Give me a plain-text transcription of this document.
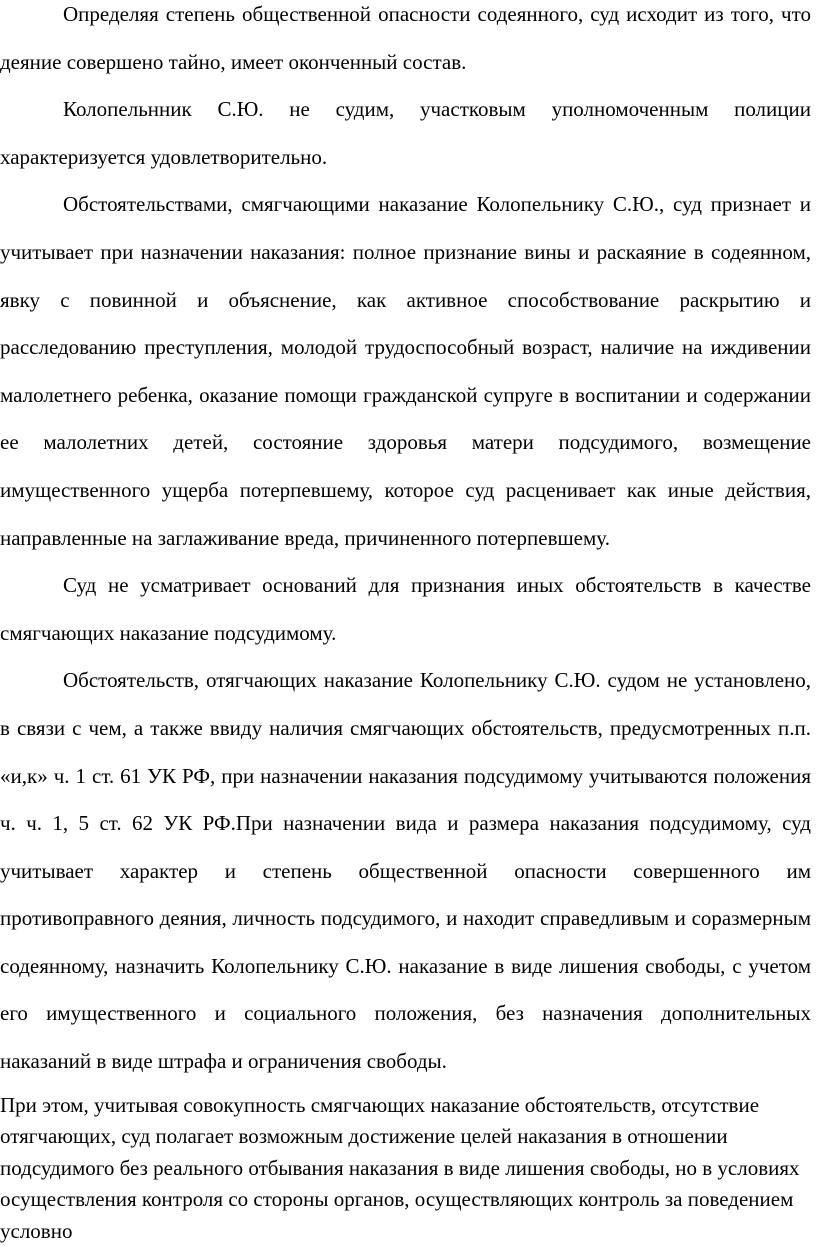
Определяя степень общественной опасности содеянного, суд исходит из того, что деяние совершено тайно, имеет оконченный состав.

Колопельнник С.Ю. не судим, участковым уполномоченным полиции характеризуется удовлетворительно.

Обстоятельствами, смягчающими наказание Колопельнику С.Ю., суд признает и учитывает при назначении наказания: полное признание вины и раскаяние в содеянном, явку с повинной и объяснение, как активное способствование раскрытию и расследованию преступления, молодой трудоспособный возраст, наличие на иждивении малолетнего ребенка, оказание помощи гражданской супруге в воспитании и содержании ее малолетних детей, состояние здоровья матери подсудимого, возмещение имущественного ущерба потерпевшему, которое суд расценивает как иные действия, направленные на заглаживание вреда, причиненного потерпевшему.

Суд не усматривает оснований для признания иных обстоятельств в качестве смягчающих наказание подсудимому.

Обстоятельств, отягчающих наказание Колопельнику С.Ю. судом не установлено, в связи с чем, а также ввиду наличия смягчающих обстоятельств, предусмотренных п.п. «и,к» ч. 1 ст. 61 УК РФ, при назначении наказания подсудимому учитываются положения ч. ч. 1, 5 ст. 62 УК РФ.При назначении вида и размера наказания подсудимому, суд учитывает характер и степень общественной опасности совершенного им противоправного деяния, личность подсудимого, и находит справедливым и соразмерным содеянному, назначить Колопельнику С.Ю. наказание в виде лишения свободы, с учетом его имущественного и социального положения, без назначения дополнительных наказаний в виде штрафа и ограничения свободы.

При этом, учитывая совокупность смягчающих наказание обстоятельств, отсутствие отягчающих, суд полагает возможным достижение целей наказания в отношении подсудимого без реального отбывания наказания в виде лишения свободы, но в условиях осуществления контроля со стороны органов, осуществляющих контроль за поведением условно
